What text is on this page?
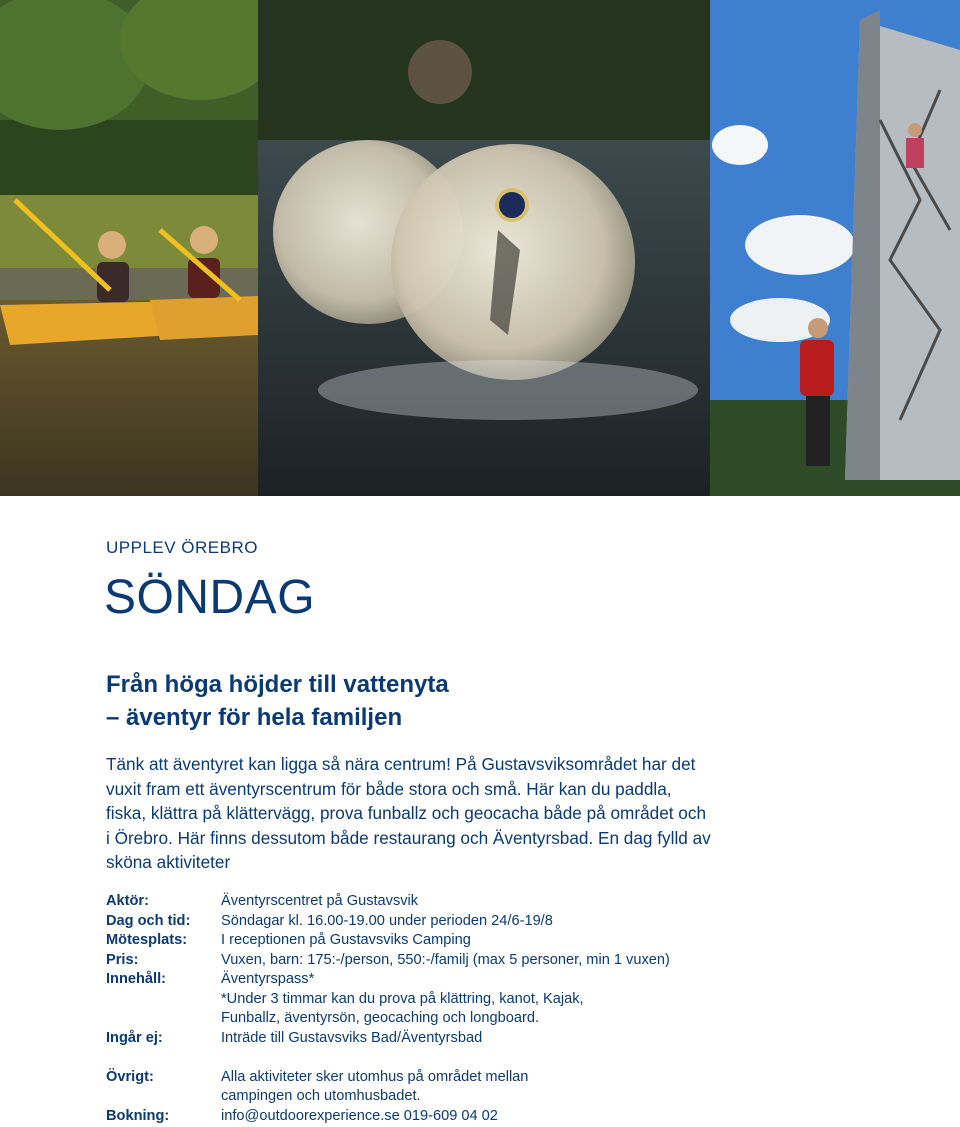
UPPLEV ÖREBRO
SÖNDAG
Från höga höjder till vattenyta
– äventyr för hela familjen
Tänk att äventyret kan ligga så nära centrum! På Gustavsviksområdet har det
vuxit fram ett äventyrscentrum för både stora och små. Här kan du paddla,
fiska, klättra på klättervägg, prova funballz och geocacha både på området och
i Örebro. Här finns dessutom både restaurang och Äventyrsbad. En dag fylld av
sköna aktiviteter
Aktör:	Äventyrscentret på Gustavsvik
Dag och tid: Söndagar kl. 16.00-19.00 under perioden 24/6-19/8
Mötesplats: I receptionen på Gustavsviks Camping
Pris:	Vuxen, barn: 175:-/person, 550:-/familj (max 5 personer, min 1 vuxen)
Innehåll:	Äventyrspass*
*Under 3 timmar kan du prova på klättring, kanot, Kajak,
Funballz, äventyrsön, geocaching och longboard.
Ingår ej:	Inträde till Gustavsviks Bad/Äventyrsbad
Övrigt:	Alla aktiviteter sker utomhus på området mellan
campingen och utomhusbadet.
Bokning:	info@outdoorexperience.se 019-609 04 02
